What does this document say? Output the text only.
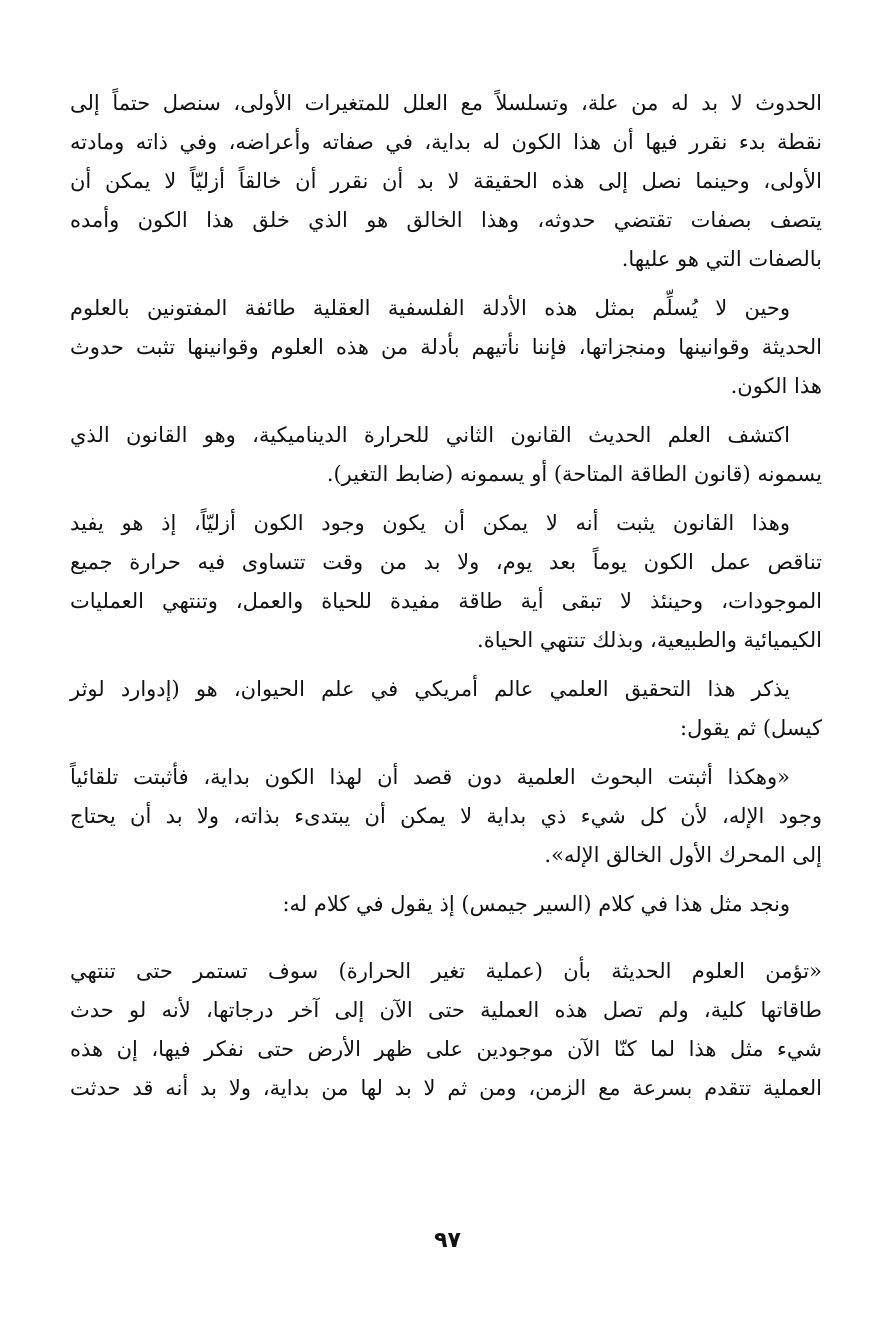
الحدوث لا بد له من علة، وتسلسلاً مع العلل للمتغيرات الأولى، سنصل حتماً إلى
نقطة بدء نقرر فيها أن هذا الكون له بداية، في صفاته وأعراضه، وفي ذاته ومادته
الأولى، وحينما نصل إلى هذه الحقيقة لا بد أن نقرر أن خالقاً أزليّاً لا يمكن أن
يتصف بصفات تقتضي حدوثه، وهذا الخالق هو الذي خلق هذا الكون وأمده
بالصفات التي هو عليها.

وحين لا يُسلِّم بمثل هذه الأدلة الفلسفية العقلية طائفة المفتونين بالعلوم
الحديثة وقوانينها ومنجزاتها، فإننا نأتيهم بأدلة من هذه العلوم وقوانينها تثبت حدوث
هذا الكون.

اكتشف العلم الحديث القانون الثاني للحرارة الديناميكية، وهو القانون الذي
يسمونه (قانون الطاقة المتاحة) أو يسمونه (ضابط التغير).

وهذا القانون يثبت أنه لا يمكن أن يكون وجود الكون أزليّاً، إذ هو يفيد
تناقص عمل الكون يوماً بعد يوم، ولا بد من وقت تتساوى فيه حرارة جميع
الموجودات، وحينئذ لا تبقى أية طاقة مفيدة للحياة والعمل، وتنتهي العمليات
الكيميائية والطبيعية، وبذلك تنتهي الحياة.

يذكر هذا التحقيق العلمي عالم أمريكي في علم الحيوان، هو (إدوارد لوثر
كيسل) ثم يقول:

«وهكذا أثبتت البحوث العلمية دون قصد أن لهذا الكون بداية، فأثبتت تلقائياً
وجود الإله، لأن كل شيء ذي بداية لا يمكن أن يبتدىء بذاته، ولا بد أن يحتاج
إلى المحرك الأول الخالق الإله».

ونجد مثل هذا في كلام (السير جيمس) إذ يقول في كلام له:

«تؤمن العلوم الحديثة بأن (عملية تغير الحرارة) سوف تستمر حتى تنتهي
طاقاتها كلية، ولم تصل هذه العملية حتى الآن إلى آخر درجاتها، لأنه لو حدث
شيء مثل هذا لما كنّا الآن موجودين على ظهر الأرض حتى نفكر فيها، إن هذه
العملية تتقدم بسرعة مع الزمن، ومن ثم لا بد لها من بداية، ولا بد أنه قد حدثت

٩٧
